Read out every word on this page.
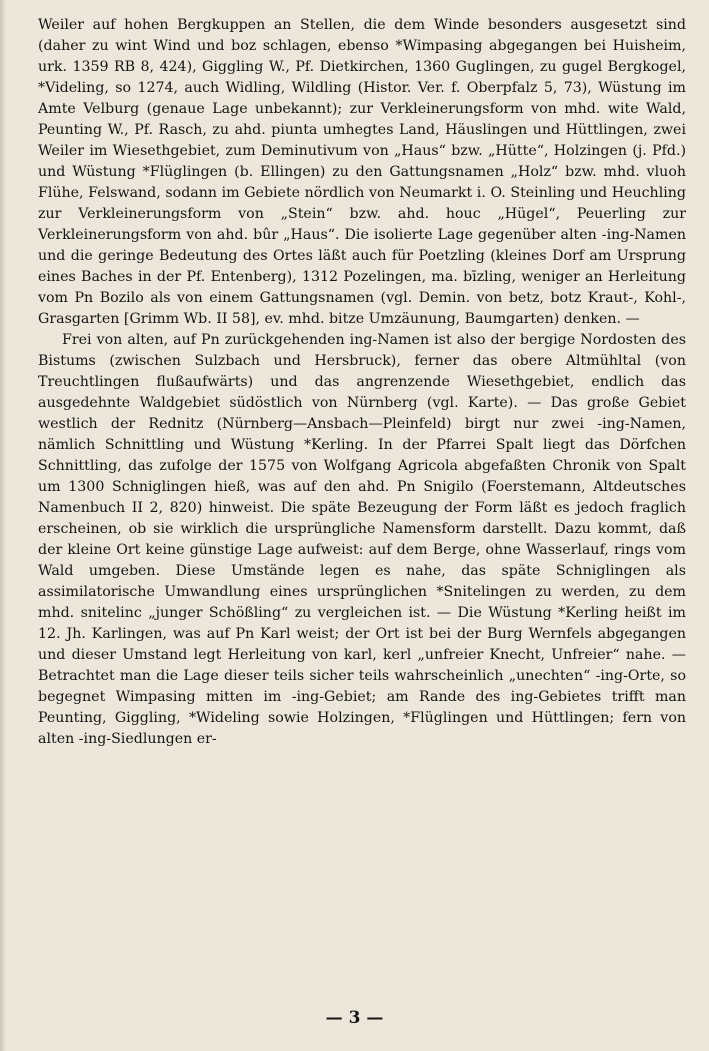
Weiler auf hohen Bergkuppen an Stellen, die dem Winde besonders ausgesetzt sind (daher zu wint Wind und boz schlagen, ebenso *Wimpasing abgegangen bei Huisheim, urk. 1359 RB 8, 424), Giggling W., Pf. Dietkirchen, 1360 Guglingen, zu gugel Bergkogel, *Videling, so 1274, auch Widling, Wildling (Histor. Ver. f. Oberpfalz 5, 73), Wüstung im Amte Velburg (genaue Lage unbekannt); zur Verkleinerungsform von mhd. wite Wald, Peunting W., Pf. Rasch, zu ahd. piunta umhegtes Land, Häuslingen und Hüttlingen, zwei Weiler im Wiesethgebiet, zum Deminutivum von „Haus“ bzw. „Hütte“, Holzingen (j. Pfd.) und Wüstung *Flüglingen (b. Ellingen) zu den Gattungsnamen „Holz“ bzw. mhd. vluoh Flühe, Felswand, sodann im Gebiete nördlich von Neumarkt i. O. Steinling und Heuchling zur Verkleinerungsform von „Stein“ bzw. ahd. houc „Hügel“, Peuerling zur Verkleinerungsform von ahd. bûr „Haus“. Die isolierte Lage gegenüber alten -ing-Namen und die geringe Bedeutung des Ortes läßt auch für Poetzling (kleines Dorf am Ursprung eines Baches in der Pf. Entenberg), 1312 Pozelingen, ma. bīzling, weniger an Herleitung vom Pn Bozilo als von einem Gattungsnamen (vgl. Demin. von betz, botz Kraut-, Kohl-, Grasgarten [Grimm Wb. II 58], ev. mhd. bitze Umzäunung, Baumgarten) denken. —

Frei von alten, auf Pn zurückgehenden ing-Namen ist also der bergige Nordosten des Bistums (zwischen Sulzbach und Hersbruck), ferner das obere Altmühltal (von Treuchtlingen flußaufwärts) und das angrenzende Wiesethgebiet, endlich das ausgedehnte Waldgebiet südöstlich von Nürnberg (vgl. Karte). — Das große Gebiet westlich der Rednitz (Nürnberg—Ansbach—Pleinfeld) birgt nur zwei -ing-Namen, nämlich Schnittling und Wüstung *Kerling. In der Pfarrei Spalt liegt das Dörfchen Schnittling, das zufolge der 1575 von Wolfgang Agricola abgefaßten Chronik von Spalt um 1300 Schniglingen hieß, was auf den ahd. Pn Snigilo (Foerstemann, Altdeutsches Namenbuch II 2, 820) hinweist. Die späte Bezeugung der Form läßt es jedoch fraglich erscheinen, ob sie wirklich die ursprüngliche Namensform darstellt. Dazu kommt, daß der kleine Ort keine günstige Lage aufweist: auf dem Berge, ohne Wasserlauf, rings vom Wald umgeben. Diese Umstände legen es nahe, das späte Schniglingen als assimilatorische Umwandlung eines ursprünglichen *Snitelingen zu werden, zu dem mhd. snitelinc „junger Schößling“ zu vergleichen ist. — Die Wüstung *Kerling heißt im 12. Jh. Karlingen, was auf Pn Karl weist; der Ort ist bei der Burg Wernfels abgegangen und dieser Umstand legt Herleitung von karl, kerl „unfreier Knecht, Unfreier“ nahe. — Betrachtet man die Lage dieser teils sicher teils wahrscheinlich „unechten“ -ing-Orte, so begegnet Wimpasing mitten im -ing-Gebiet; am Rande des ing-Gebietes trifft man Peunting, Giggling, *Wideling sowie Holzingen, *Flüglingen und Hüttlingen; fern von alten -ing-Siedlungen er-

— 3 —
